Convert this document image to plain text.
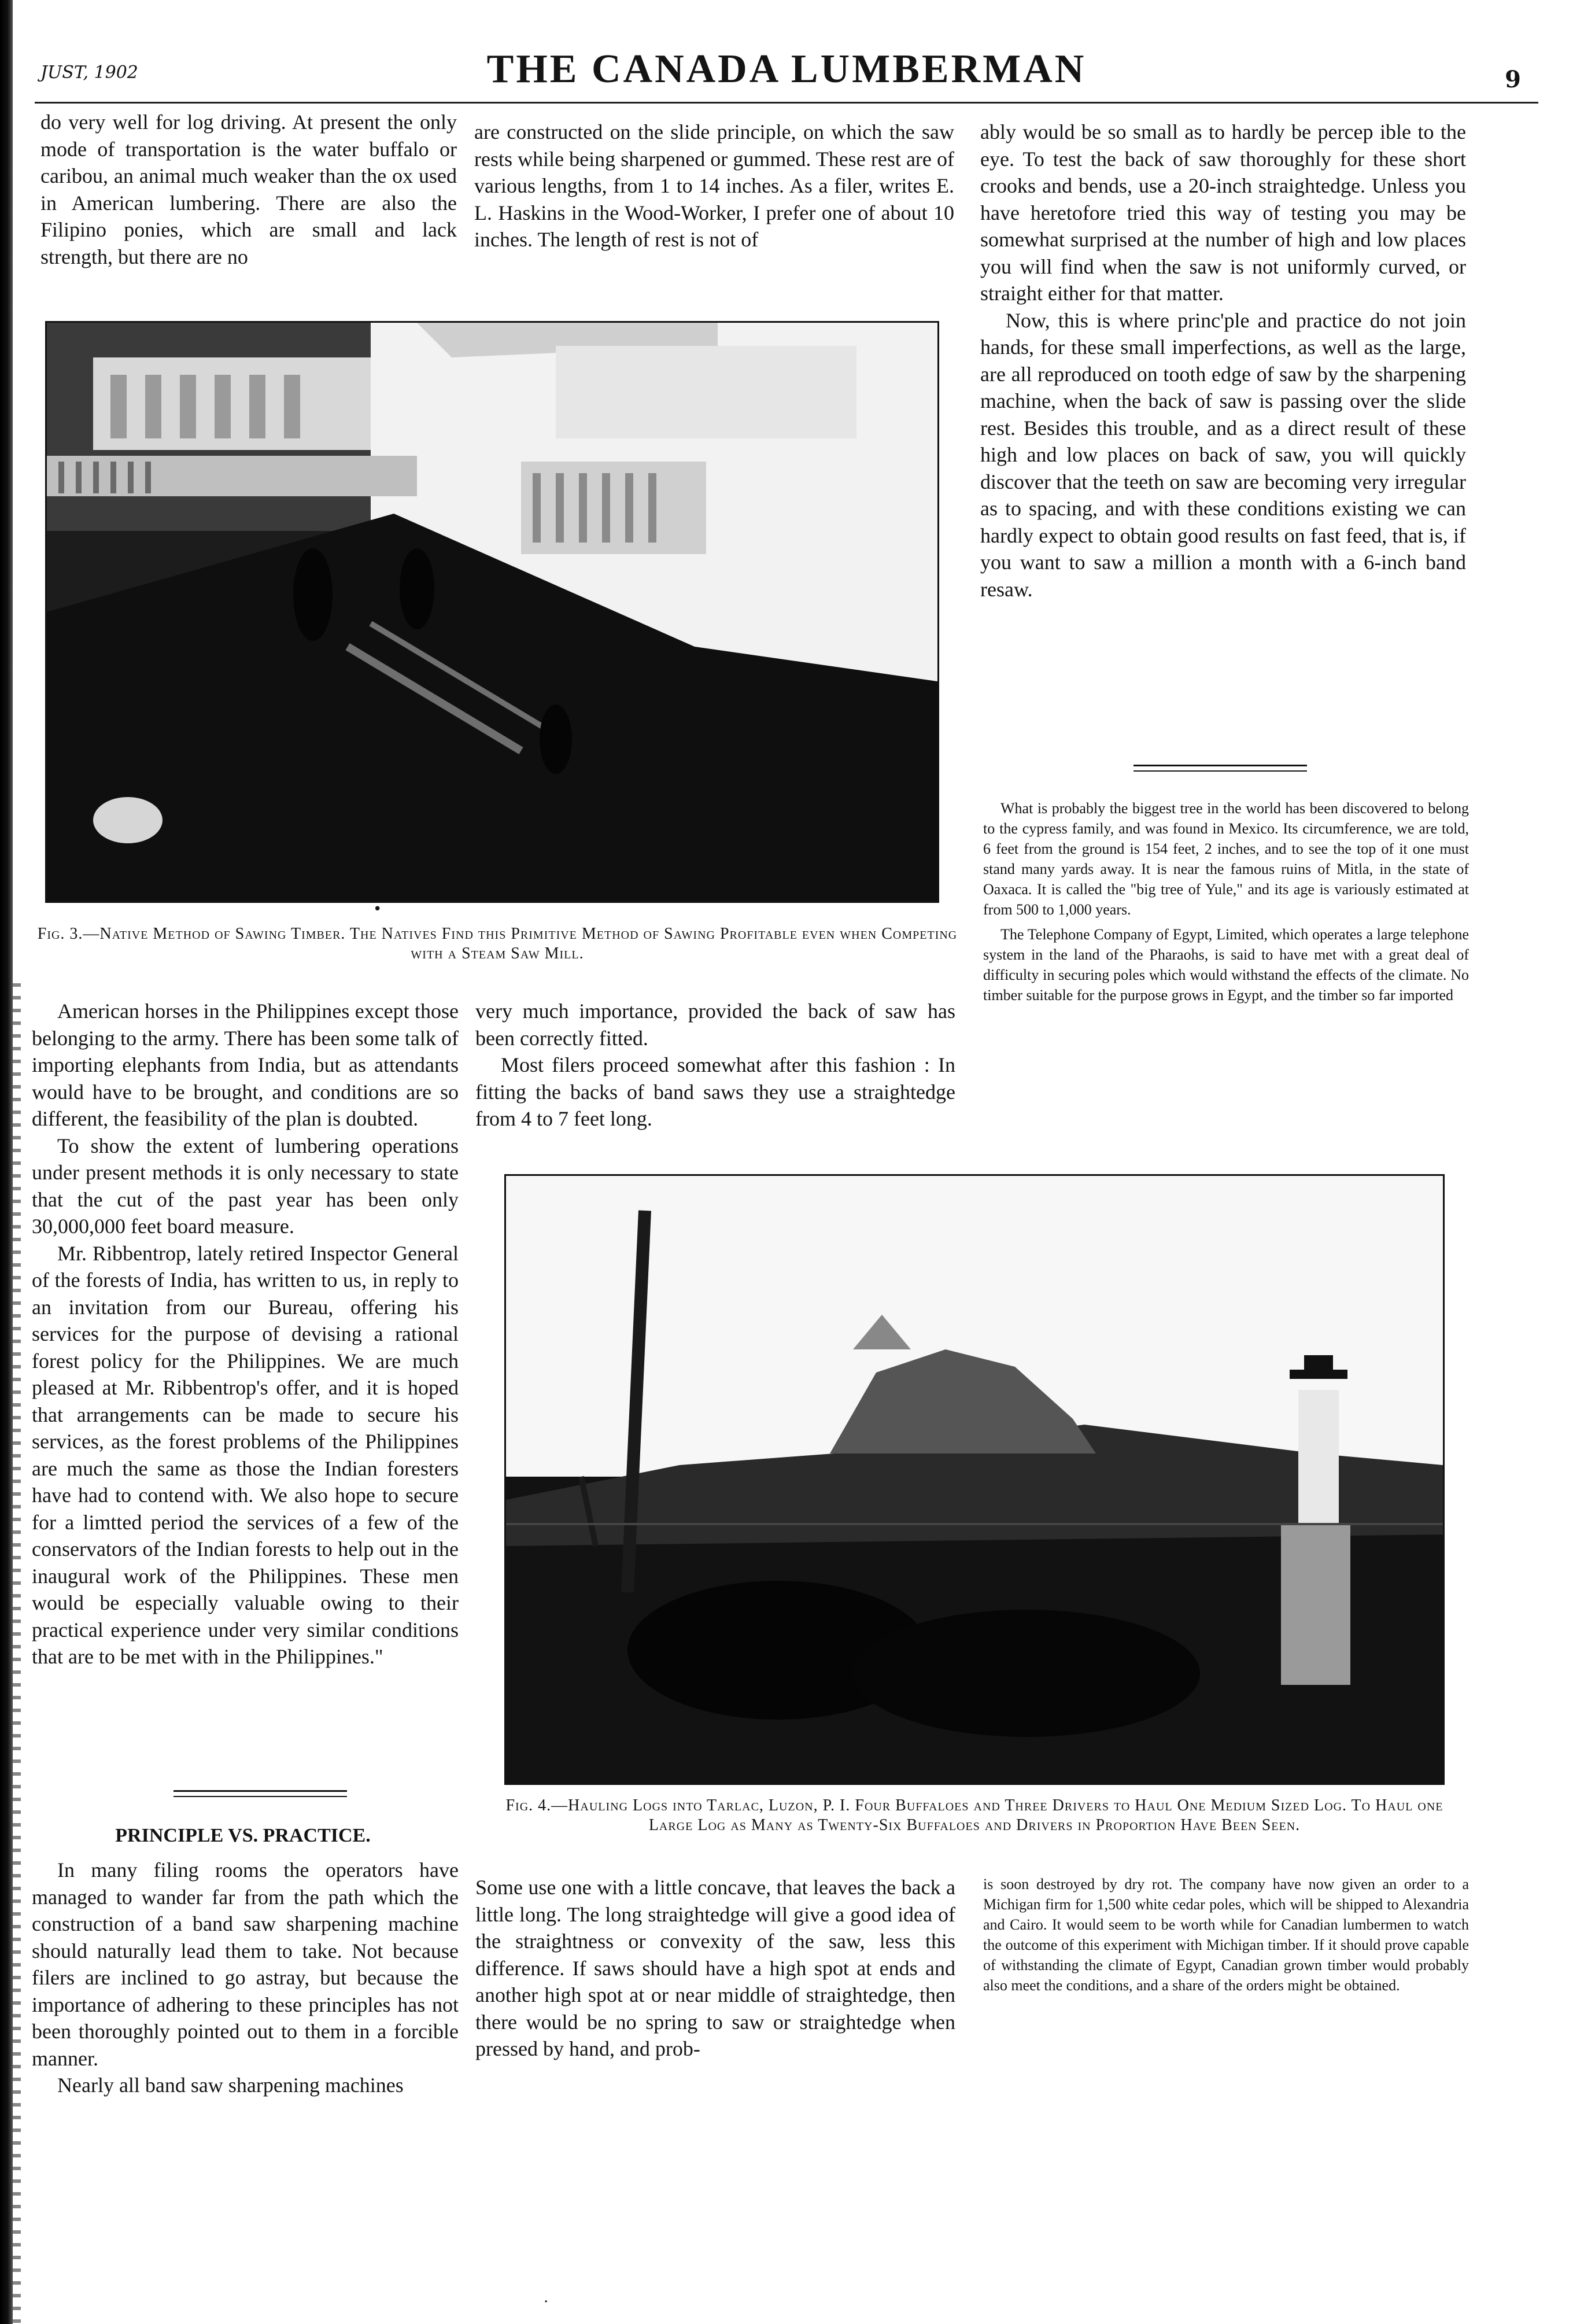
JUST, 1902	THE CANADA LUMBERMAN	9

do very well for log driving. At present the only mode of transportation is the water buffalo or caribou, an animal much weaker than the ox used in American lumbering. There are also the Filipino ponies, which are small and lack strength, but there are no

are constructed on the slide principle, on which the saw rests while being sharpened or gummed. These rest are of various lengths, from 1 to 14 inches. As a filer, writes E. L. Haskins in the Wood-Worker, I prefer one of about 10 inches. The length of rest is not of

ably would be so small as to hardly be percep ible to the eye. To test the back of saw thoroughly for these short crooks and bends, use a 20-inch straightedge. Unless you have heretofore tried this way of testing you may be somewhat surprised at the number of high and low places you will find when the saw is not uniformly curved, or straight either for that matter.

Now, this is where princ'ple and practice do not join hands, for these small imperfections, as well as the large, are all reproduced on tooth edge of saw by the sharpening machine, when the back of saw is passing over the slide rest. Besides this trouble, and as a direct result of these high and low places on back of saw, you will quickly discover that the teeth on saw are becoming very irregular as to spacing, and with these conditions existing we can hardly expect to obtain good results on fast feed, that is, if you want to saw a million a month with a 6-inch band resaw.

What is probably the biggest tree in the world has been discovered to belong to the cypress family, and was found in Mexico. Its circumference, we are told, 6 feet from the ground is 154 feet, 2 inches, and to see the top of it one must stand many yards away. It is near the famous ruins of Mitla, in the state of Oaxaca. It is called the "big tree of Yule," and its age is variously estimated at from 500 to 1,000 years.

The Telephone Company of Egypt, Limited, which operates a large telephone system in the land of the Pharaohs, is said to have met with a great deal of difficulty in securing poles which would withstand the effects of the climate. No timber suitable for the purpose grows in Egypt, and the timber so far imported

•
Fig. 3.—Native Method of Sawing Timber. The Natives Find this Primitive Method of Sawing Profitable even when Competing with a Steam Saw Mill.

American horses in the Philippines except those belonging to the army. There has been some talk of importing elephants from India, but as attendants would have to be brought, and conditions are so different, the feasibility of the plan is doubted.

To show the extent of lumbering operations under present methods it is only necessary to state that the cut of the past year has been only 30,000,000 feet board measure.

Mr. Ribbentrop, lately retired Inspector General of the forests of India, has written to us, in reply to an invitation from our Bureau, offering his services for the purpose of devising a rational forest policy for the Philippines. We are much pleased at Mr. Ribbentrop's offer, and it is hoped that arrangements can be made to secure his services, as the forest problems of the Philippines are much the same as those the Indian foresters have had to contend with. We also hope to secure for a limtted period the services of a few of the conservators of the Indian forests to help out in the inaugural work of the Philippines. These men would be especially valuable owing to their practical experience under very similar conditions that are to be met with in the Philippines."

very much importance, provided the back of saw has been correctly fitted.

Most filers proceed somewhat after this fashion : In fitting the backs of band saws they use a straightedge from 4 to 7 feet long.

Fig. 4.—Hauling Logs into Tarlac, Luzon, P. I. Four Buffaloes and Three Drivers to Haul One Medium Sized Log. To Haul one Large Log as Many as Twenty-Six Buffaloes and Drivers in Proportion Have Been Seen.
PRINCIPLE VS. PRACTICE.

In many filing rooms the operators have managed to wander far from the path which the construction of a band saw sharpening machine should naturally lead them to take. Not because filers are inclined to go astray, but because the importance of adhering to these principles has not been thoroughly pointed out to them in a forcible manner.

Nearly all band saw sharpening machines

Some use one with a little concave, that leaves the back a little long. The long straightedge will give a good idea of the straightness or convexity of the saw, less this difference. If saws should have a high spot at ends and another high spot at or near middle of straightedge, then there would be no spring to saw or straightedge when pressed by hand, and prob-

is soon destroyed by dry rot. The company have now given an order to a Michigan firm for 1,500 white cedar poles, which will be shipped to Alexandria and Cairo. It would seem to be worth while for Canadian lumbermen to watch the outcome of this experiment with Michigan timber. If it should prove capable of withstanding the climate of Egypt, Canadian grown timber would probably also meet the conditions, and a share of the orders might be obtained.

·
